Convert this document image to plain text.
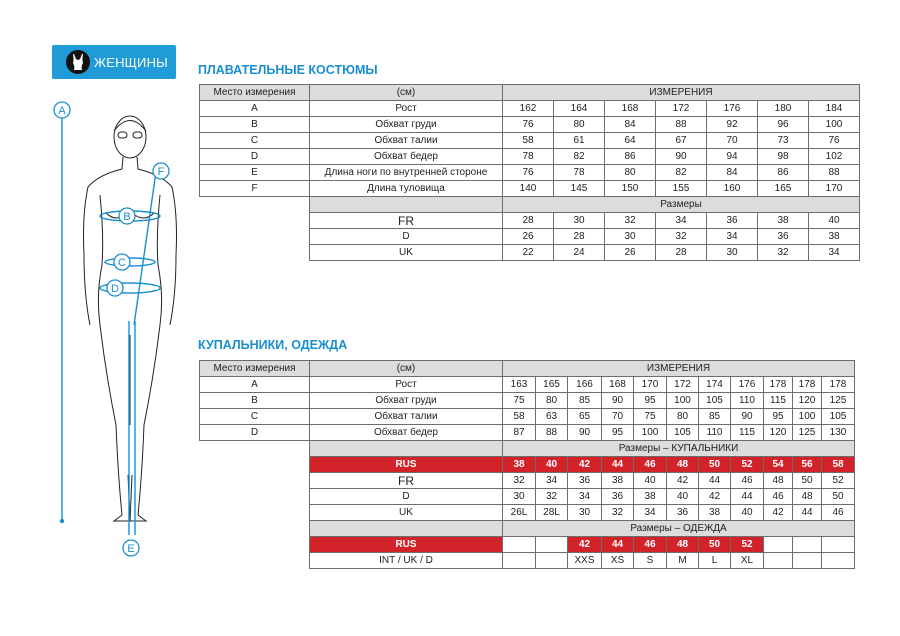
ЖЕНЩИНЫ
A
B
C
D
E
F
ПЛАВАТЕЛЬНЫЕ КОСТЮМЫ
Место измерения	(см)	ИЗМЕРЕНИЯ						
A	Рост	162	164	168	172	176	180	184
B	Обхват груди	76	80	84	88	92	96	100
C	Обхват талии	58	61	64	67	70	73	76
D	Обхват бедер	78	82	86	90	94	98	102
E	Длина ноги по внутренней стороне	76	78	80	82	84	86	88
F	Длина туловища	140	145	150	155	160	165	170
		Размеры						
	FR	28	30	32	34	36	38	40
	D	26	28	30	32	34	36	38
	UK	22	24	26	28	30	32	34
КУПАЛЬНИКИ, ОДЕЖДА
Место измерения	(см)	ИЗМЕРЕНИЯ										
A	Рост	163	165	166	168	170	172	174	176	178	178	178
B	Обхват груди	75	80	85	90	95	100	105	110	115	120	125
C	Обхват талии	58	63	65	70	75	80	85	90	95	100	105
D	Обхват бедер	87	88	90	95	100	105	110	115	120	125	130
		Размеры – КУПАЛЬНИКИ										
	RUS	38	40	42	44	46	48	50	52	54	56	58
	FR	32	34	36	38	40	42	44	46	48	50	52
	D	30	32	34	36	38	40	42	44	46	48	50
	UK	26L	28L	30	32	34	36	38	40	42	44	46
		Размеры – ОДЕЖДА										
	RUS			42	44	46	48	50	52			
	INT / UK / D			XXS	XS	S	M	L	XL			
